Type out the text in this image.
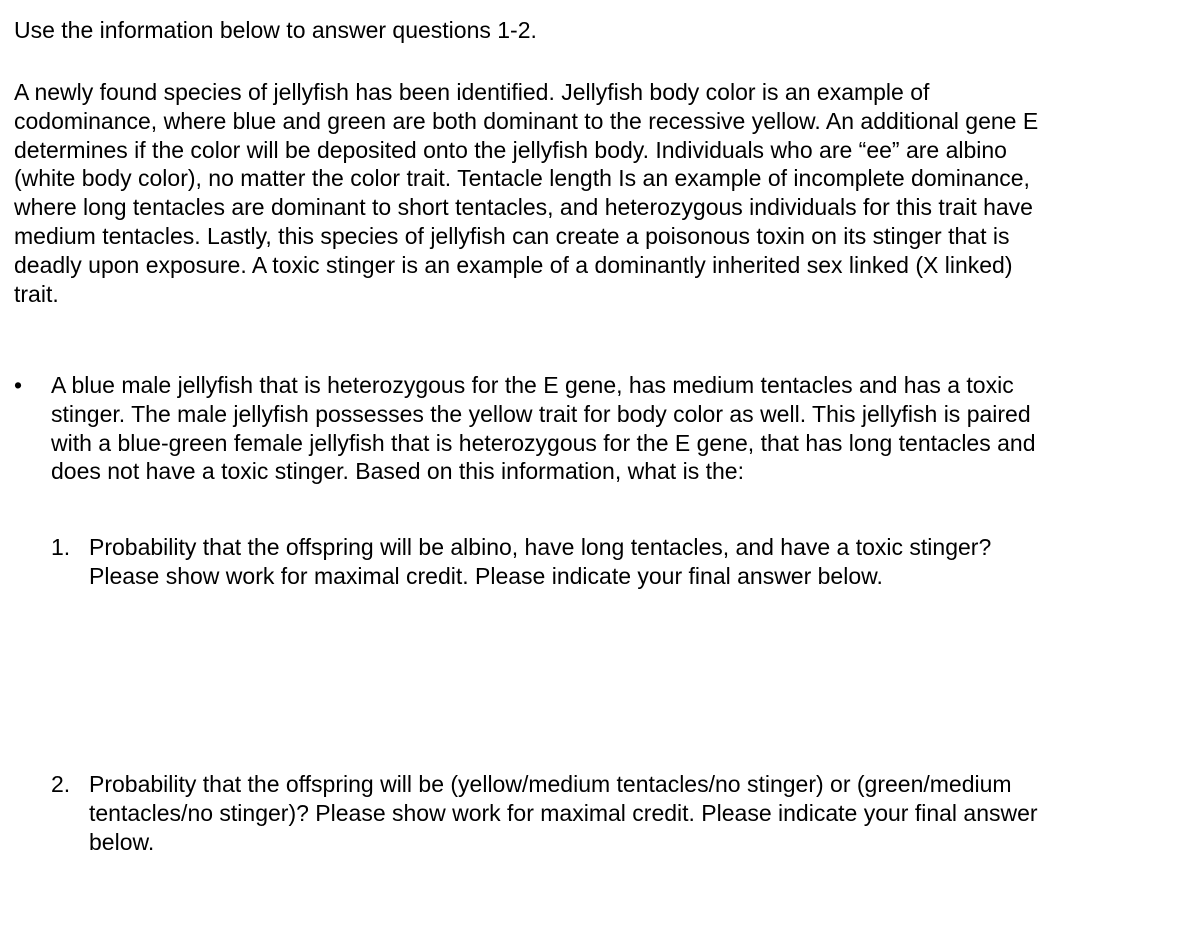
Use the information below to answer questions 1-2.
A newly found species of jellyfish has been identified. Jellyfish body color is an example of
codominance, where blue and green are both dominant to the recessive yellow. An additional gene E
determines if the color will be deposited onto the jellyfish body. Individuals who are “ee” are albino
(white body color), no matter the color trait. Tentacle length Is an example of incomplete dominance,
where long tentacles are dominant to short tentacles, and heterozygous individuals for this trait have
medium tentacles. Lastly, this species of jellyfish can create a poisonous toxin on its stinger that is
deadly upon exposure. A toxic stinger is an example of a dominantly inherited sex linked (X linked)
trait.
•	A blue male jellyfish that is heterozygous for the E gene, has medium tentacles and has a toxic
stinger. The male jellyfish possesses the yellow trait for body color as well. This jellyfish is paired
with a blue-green female jellyfish that is heterozygous for the E gene, that has long tentacles and
does not have a toxic stinger. Based on this information, what is the:
1. Probability that the offspring will be albino, have long tentacles, and have a toxic stinger?
Please show work for maximal credit. Please indicate your final answer below.
2. Probability that the offspring will be (yellow/medium tentacles/no stinger) or (green/medium
tentacles/no stinger)? Please show work for maximal credit. Please indicate your final answer
below.
